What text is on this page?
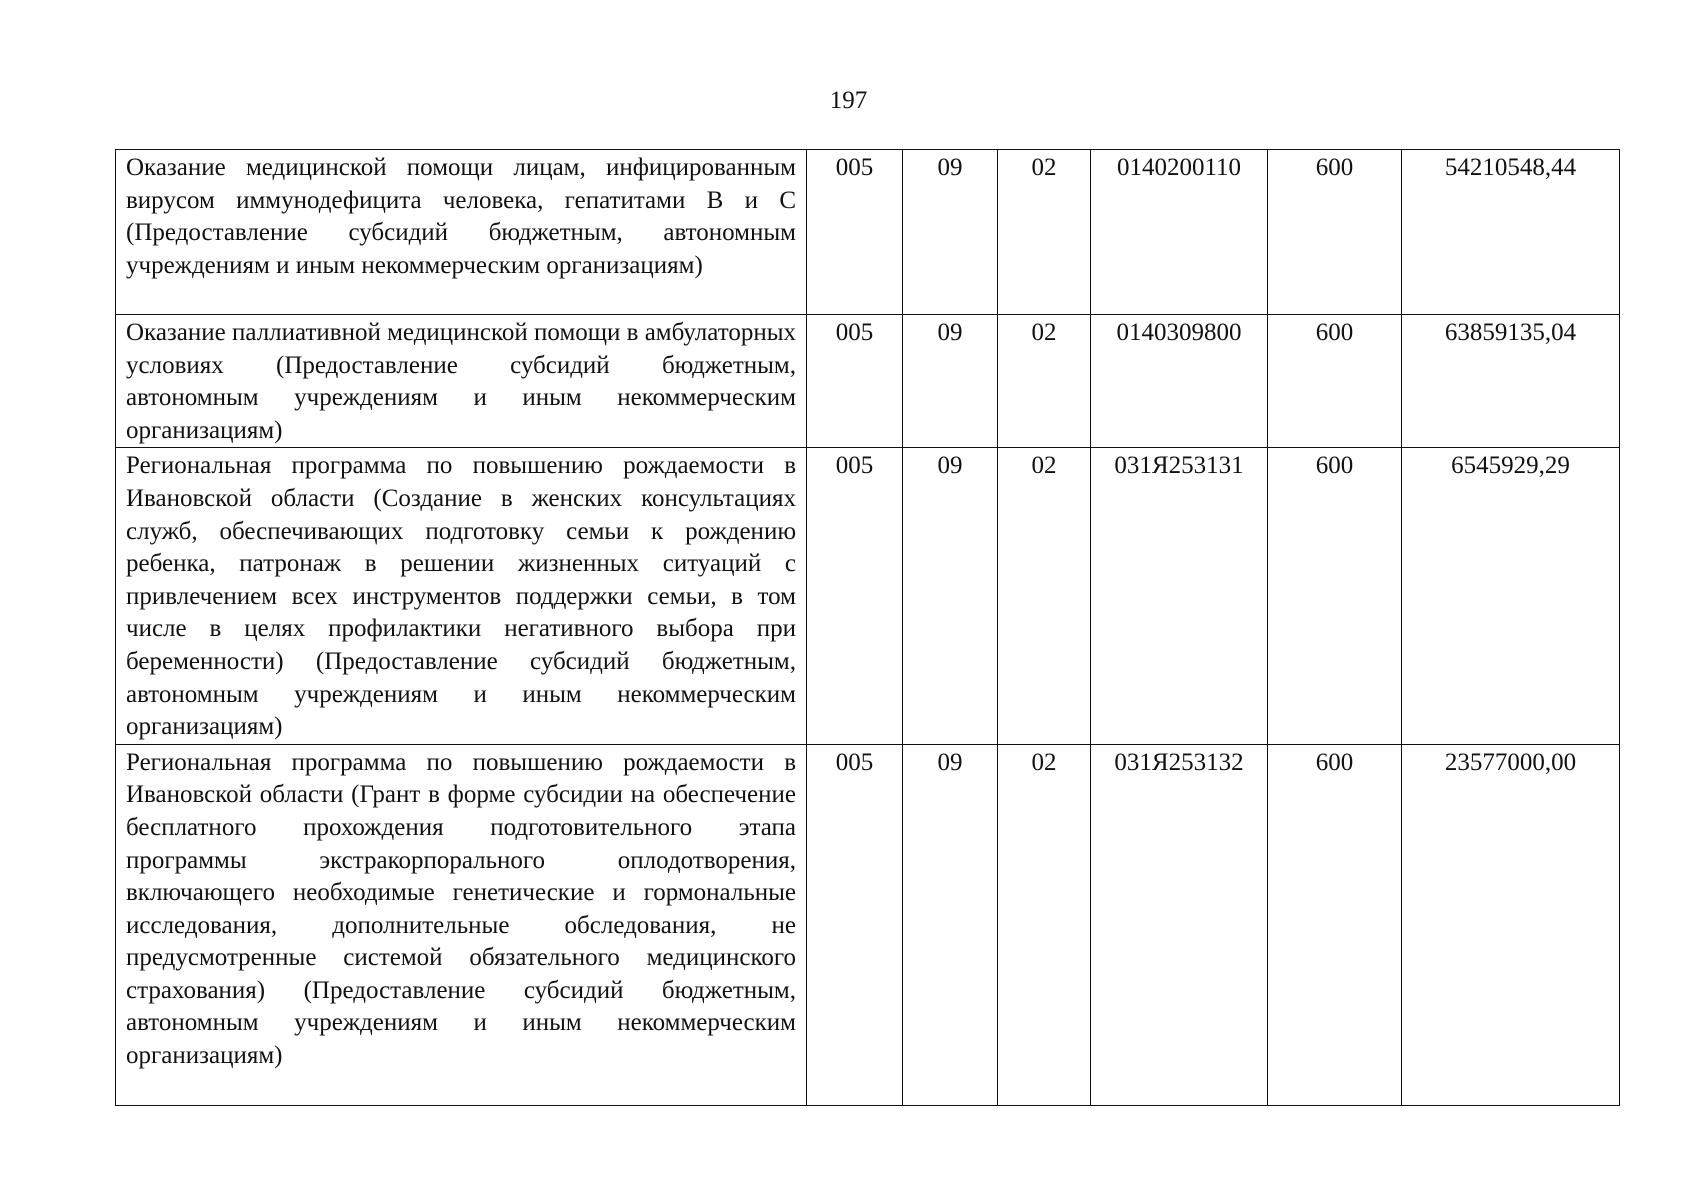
197
Оказание медицинской помощи лицам, инфицированным вирусом иммунодефицита человека, гепатитами В и С (Предоставление субсидий бюджетным, автономным учреждениям и иным некоммерческим организациям)	005	09	02	0140200110	600	54210548,44
Оказание паллиативной медицинской помощи в амбулаторных условиях (Предоставление субсидий бюджетным, автономным учреждениям и иным некоммерческим организациям)	005	09	02	0140309800	600	63859135,04
Региональная программа по повышению рождаемости в Ивановской области (Создание в женских консультациях служб, обеспечивающих подготовку семьи к рождению ребенка, патронаж в решении жизненных ситуаций с привлечением всех инструментов поддержки семьи, в том числе в целях профилактики негативного выбора при беременности) (Предоставление субсидий бюджетным, автономным учреждениям и иным некоммерческим организациям)	005	09	02	031Я253131	600	6545929,29
Региональная программа по повышению рождаемости в Ивановской области (Грант в форме субсидии на обеспечение бесплатного прохождения подготовительного этапа программы экстракорпорального оплодотворения, включающего необходимые генетические и гормональные исследования, дополнительные обследования, не предусмотренные системой обязательного медицинского страхования) (Предоставление субсидий бюджетным, автономным учреждениям и иным некоммерческим организациям)	005	09	02	031Я253132	600	23577000,00
